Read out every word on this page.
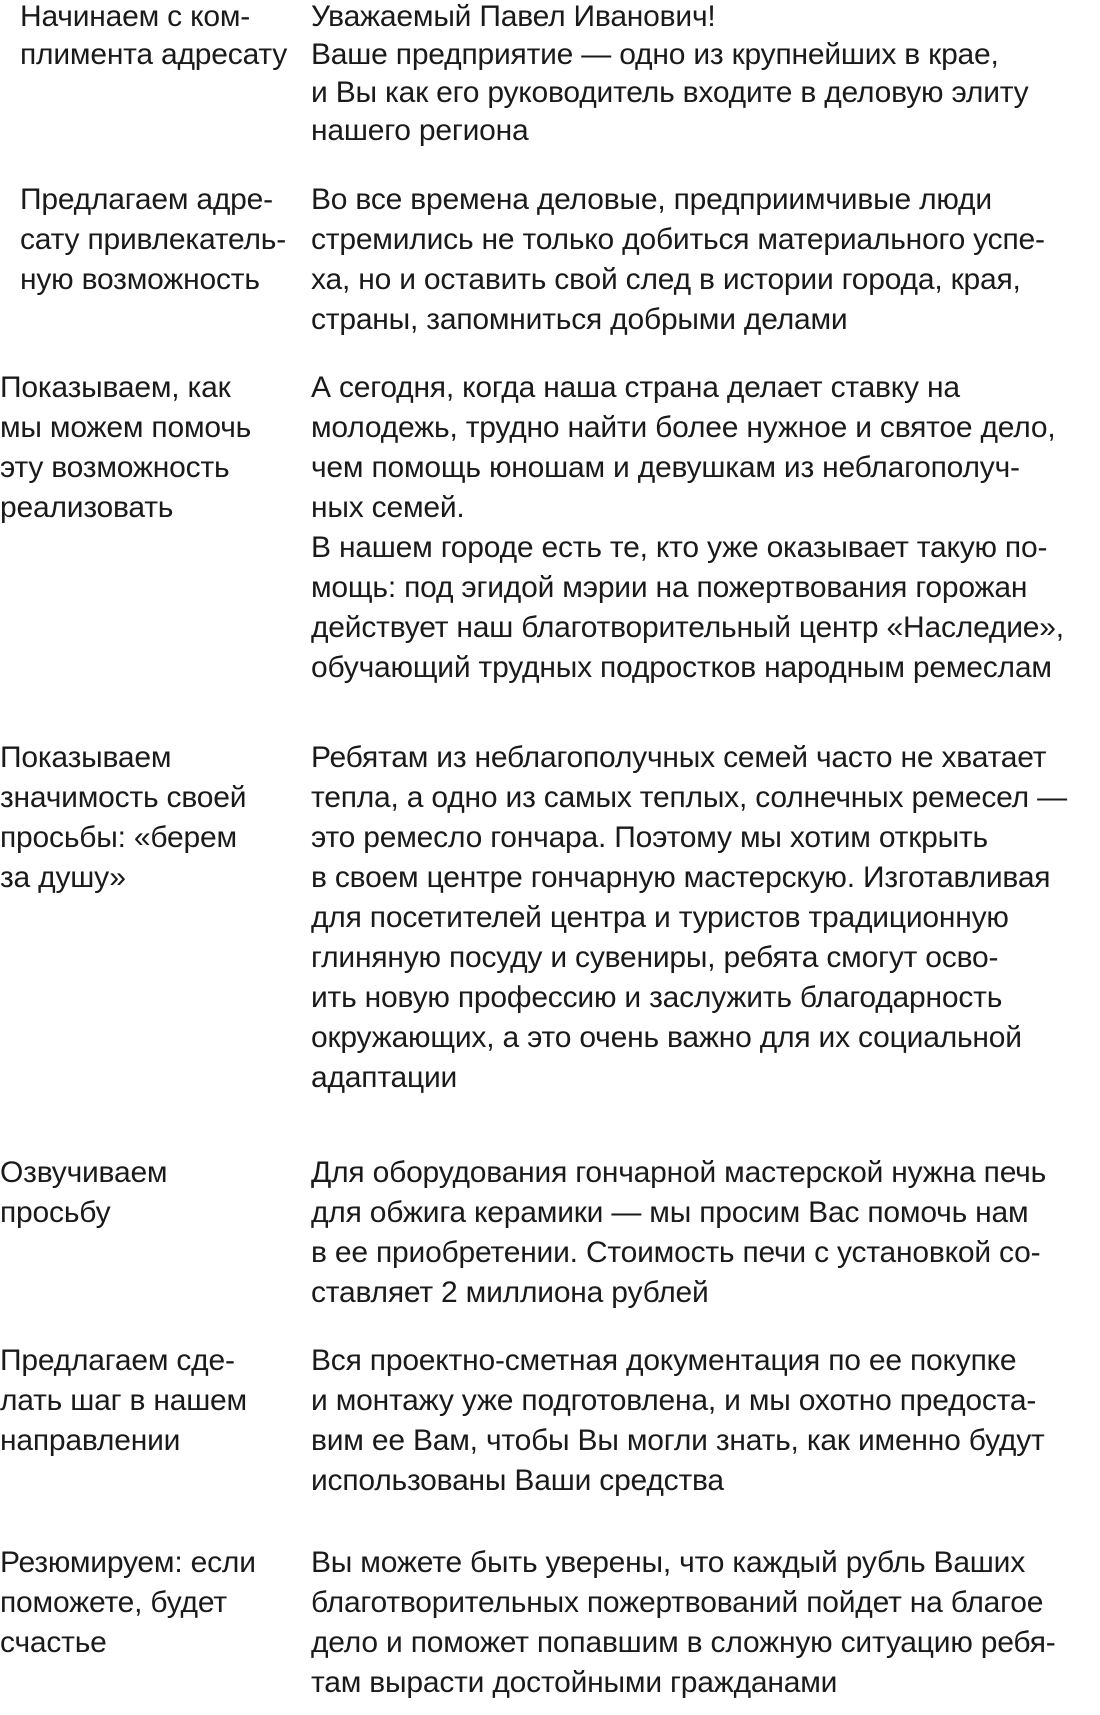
Начинаем с ком-
плимента адресату
Уважаемый Павел Иванович!
Ваше предприятие — одно из крупнейших в крае,
и Вы как его руководитель входите в деловую элиту
нашего региона
Предлагаем адре-
сату привлекатель-
ную возможность
Во все времена деловые, предприимчивые люди
стремились не только добиться материального успе-
ха, но и оставить свой след в истории города, края,
страны, запомниться добрыми делами
Показываем, как
мы можем помочь
эту возможность
реализовать
А сегодня, когда наша страна делает ставку на
молодежь, трудно найти более нужное и святое дело,
чем помощь юношам и девушкам из неблагополуч-
ных семей.
В нашем городе есть те, кто уже оказывает такую по-
мощь: под эгидой мэрии на пожертвования горожан
действует наш благотворительный центр «Наследие»,
обучающий трудных подростков народным ремеслам
Показываем
значимость своей
просьбы: «берем
за душу»
Ребятам из неблагополучных семей часто не хватает
тепла, а одно из самых теплых, солнечных ремесел —
это ремесло гончара. Поэтому мы хотим открыть
в своем центре гончарную мастерскую. Изготавливая
для посетителей центра и туристов традиционную
глиняную посуду и сувениры, ребята смогут осво-
ить новую профессию и заслужить благодарность
окружающих, а это очень важно для их социальной
адаптации
Озвучиваем
просьбу
Для оборудования гончарной мастерской нужна печь
для обжига керамики — мы просим Вас помочь нам
в ее приобретении. Стоимость печи с установкой со-
ставляет 2 миллиона рублей
Предлагаем сде-
лать шаг в нашем
направлении
Вся проектно-сметная документация по ее покупке
и монтажу уже подготовлена, и мы охотно предоста-
вим ее Вам, чтобы Вы могли знать, как именно будут
использованы Ваши средства
Резюмируем: если
поможете, будет
счастье
Вы можете быть уверены, что каждый рубль Ваших
благотворительных пожертвований пойдет на благое
дело и поможет попавшим в сложную ситуацию ребя-
там вырасти достойными гражданами
